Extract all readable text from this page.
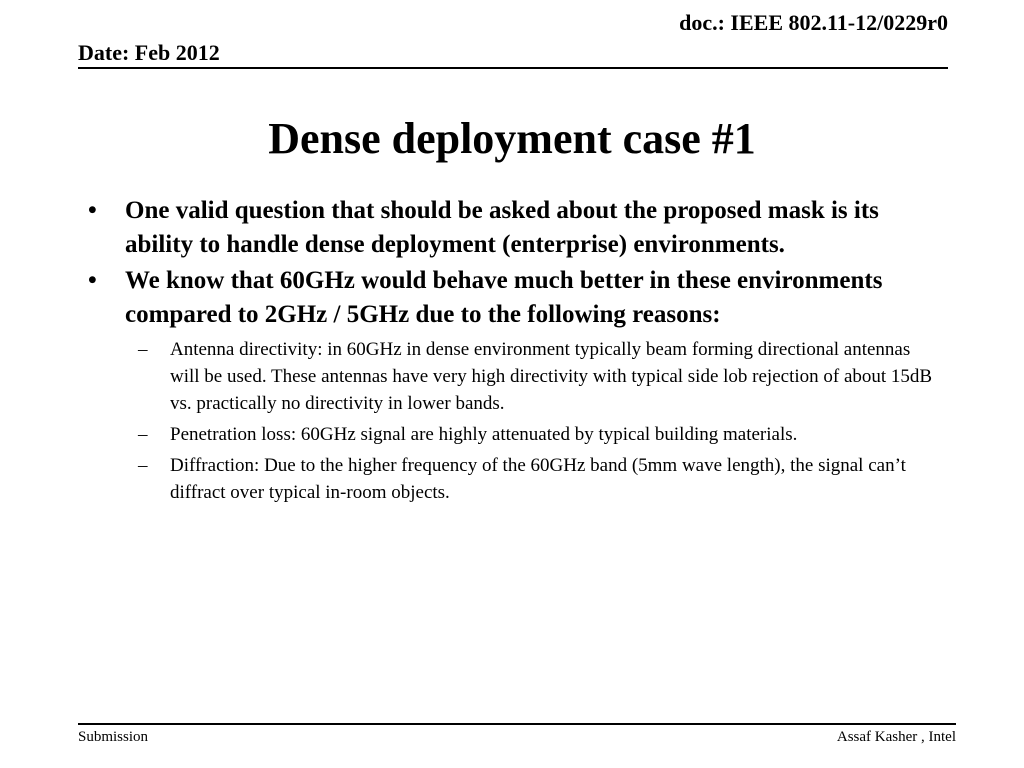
doc.: IEEE 802.11-12/0229r0
Date: Feb 2012
Dense deployment case #1
• One valid question that should be asked about the proposed mask is its ability to handle dense deployment (enterprise) environments.
• We know that 60GHz would behave much better in these environments compared to 2GHz / 5GHz due to the following reasons:
– Antenna directivity: in 60GHz in dense environment typically beam forming directional antennas will be used. These antennas have very high directivity with typical side lob rejection of about 15dB vs. practically no directivity in lower bands.
– Penetration loss: 60GHz signal are highly attenuated by typical building materials.
– Diffraction: Due to the higher frequency of the 60GHz band (5mm wave length), the signal can’t diffract over typical in-room objects.
Submission	Assaf Kasher , Intel
